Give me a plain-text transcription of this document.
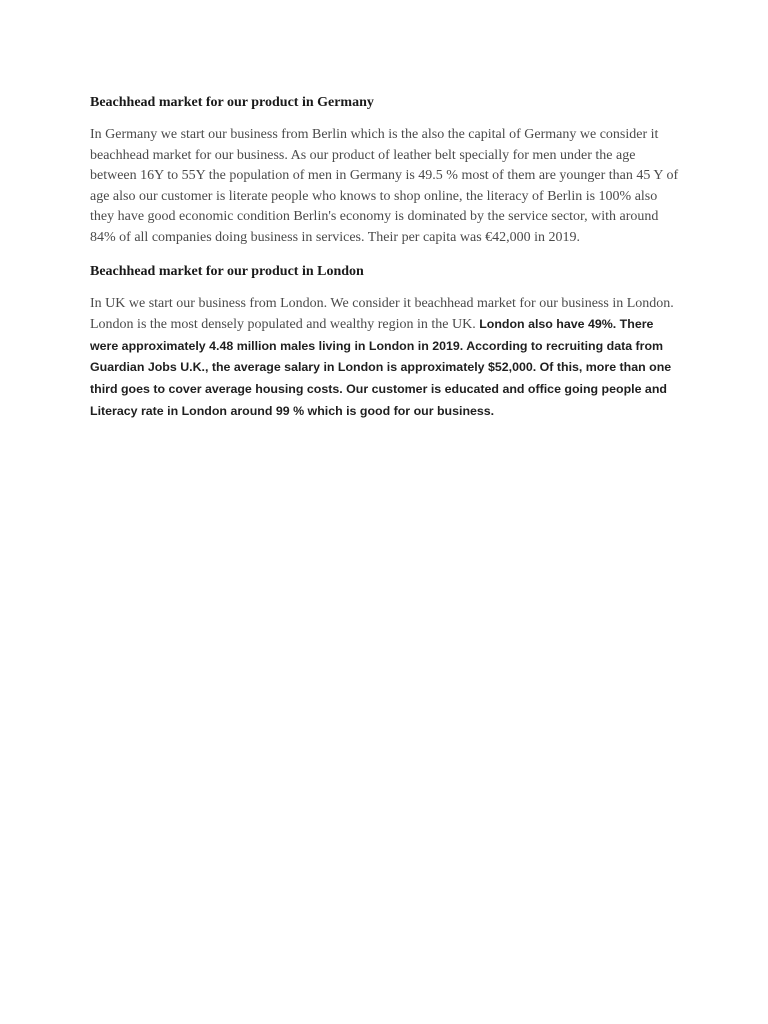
Beachhead market for our product in Germany

In Germany we start our business from Berlin which is the also the capital of Germany we consider it beachhead market for our business. As our product of leather belt specially for men under the age between 16Y to 55Y the population of men in Germany is 49.5 % most of them are younger than 45 Y of age also our customer is literate people who knows to shop online, the literacy of Berlin is 100% also they have good economic condition Berlin's economy is dominated by the service sector, with around 84% of all companies doing business in services. Their per capita was €42,000 in 2019.

Beachhead market for our product in London

In UK we start our business from London. We consider it beachhead market for our business in London. London is the most densely populated and wealthy region in the UK. London also have 49%. There were approximately 4.48 million males living in London in 2019. According to recruiting data from Guardian Jobs U.K., the average salary in London is approximately $52,000. Of this, more than one third goes to cover average housing costs. Our customer is educated and office going people and Literacy rate in London around 99 % which is good for our business.
